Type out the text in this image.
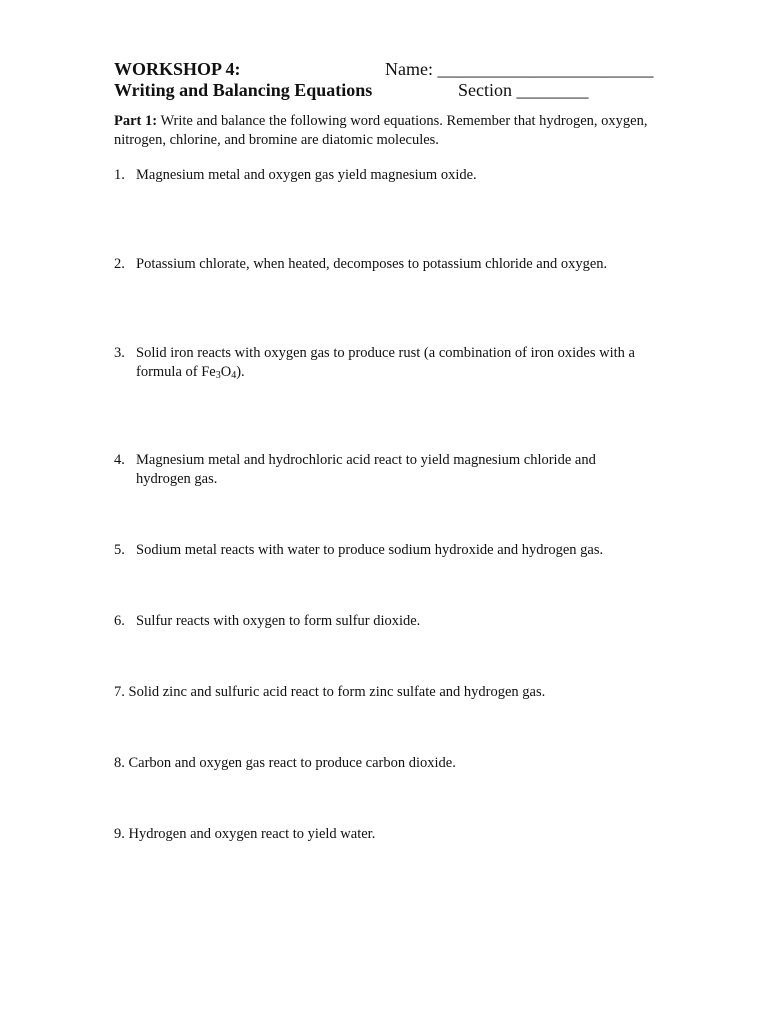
WORKSHOP 4:
Writing and Balancing Equations
Name: ________________________
Section ________
Part 1: Write and balance the following word equations. Remember that hydrogen, oxygen, nitrogen, chlorine, and bromine are diatomic molecules.
1. Magnesium metal and oxygen gas yield magnesium oxide.
2. Potassium chlorate, when heated, decomposes to potassium chloride and oxygen.
3. Solid iron reacts with oxygen gas to produce rust (a combination of iron oxides with a
formula of $Fe_3O_4$).
4. Magnesium metal and hydrochloric acid react to yield magnesium chloride and
hydrogen gas.
5. Sodium metal reacts with water to produce sodium hydroxide and hydrogen gas.
6. Sulfur reacts with oxygen to form sulfur dioxide.
7. Solid zinc and sulfuric acid react to form zinc sulfate and hydrogen gas.
8. Carbon and oxygen gas react to produce carbon dioxide.
9. Hydrogen and oxygen react to yield water.
